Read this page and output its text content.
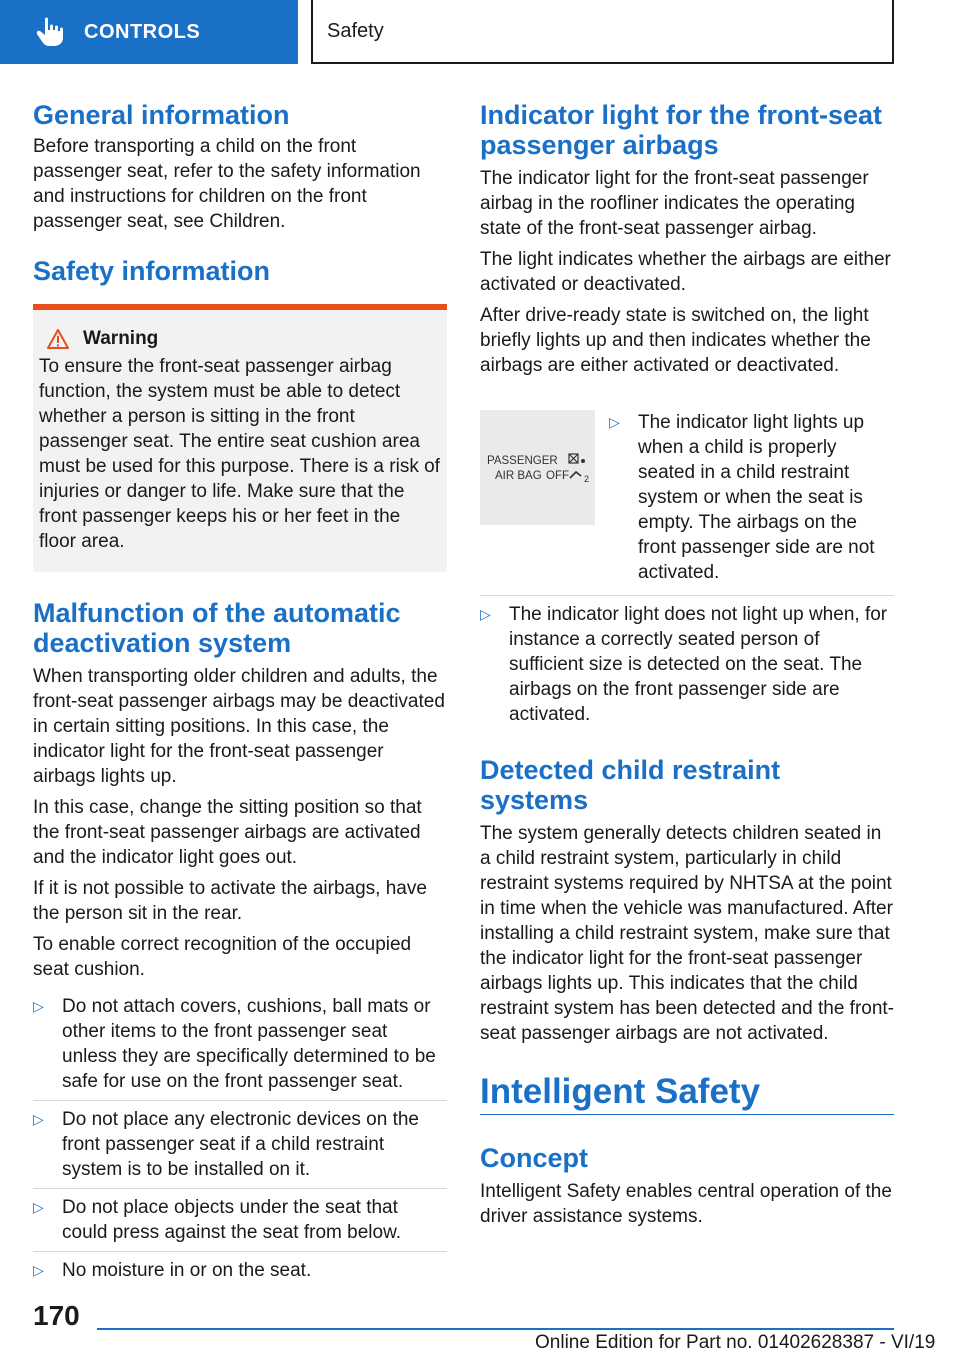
CONTROLS	Safety
General information

Before transporting a child on the front passenger seat, refer to the safety information and instructions for children on the front passenger seat, see Children.

Safety information
Warning

To ensure the front-seat passenger airbag function, the system must be able to detect whether a person is sitting in the front passenger seat. The entire seat cushion area must be used for this purpose. There is a risk of injuries or danger to life. Make sure that the front passenger keeps his or her feet in the floor area.

Malfunction of the automatic deactivation system

When transporting older children and adults, the front-seat passenger airbags may be deactivated in certain sitting positions. In this case, the indicator light for the front-seat passenger airbags lights up.

In this case, change the sitting position so that the front-seat passenger airbags are activated and the indicator light goes out.

If it is not possible to activate the airbags, have the person sit in the rear.

To enable correct recognition of the occupied seat cushion.

▷ Do not attach covers, cushions, ball mats or other items to the front passenger seat unless they are specifically determined to be safe for use on the front passenger seat.
▷ Do not place any electronic devices on the front passenger seat if a child restraint system is to be installed on it.
▷ Do not place objects under the seat that could press against the seat from below.
▷ No moisture in or on the seat.
Indicator light for the front-seat passenger airbags

The indicator light for the front-seat passenger airbag in the roofliner indicates the operating state of the front-seat passenger airbag.

The light indicates whether the airbags are either activated or deactivated.

After drive-ready state is switched on, the light briefly lights up and then indicates whether the airbags are either activated or deactivated.

PASSENGER
AIR BAG OFF 2
▷ The indicator light lights up when a child is properly seated in a child restraint system or when the seat is empty. The airbags on the front passenger side are not activated.
▷ The indicator light does not light up when, for instance a correctly seated person of sufficient size is detected on the seat. The airbags on the front passenger side are activated.
Detected child restraint systems

The system generally detects children seated in a child restraint system, particularly in child restraint systems required by NHTSA at the point in time when the vehicle was manufactured. After installing a child restraint system, make sure that the indicator light for the front-seat passenger airbags lights up. This indicates that the child restraint system has been detected and the front-seat passenger airbags are not activated.

Intelligent Safety
Concept

Intelligent Safety enables central operation of the driver assistance systems.

170
Online Edition for Part no. 01402628387 - VI/19
